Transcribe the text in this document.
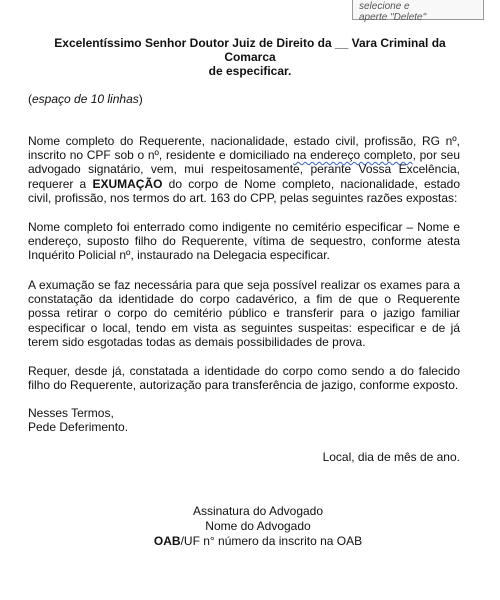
selecione e
aperte "Delete"
Excelentíssimo Senhor Doutor Juiz de Direito da __ Vara Criminal da Comarca
de especificar.
(espaço de 10 linhas)

Nome completo do Requerente, nacionalidade, estado civil, profissão, RG nº, inscrito no CPF sob o nº, residente e domiciliado na endereço completo, por seu advogado signatário, vem, mui respeitosamente, perante Vossa Excelência, requerer a EXUMAÇÃO do corpo de Nome completo, nacionalidade, estado civil, profissão, nos termos do art. 163 do CPP, pelas seguintes razões expostas:

Nome completo foi enterrado como indigente no cemitério especificar – Nome e endereço, suposto filho do Requerente, vítima de sequestro, conforme atesta Inquérito Policial nº, instaurado na Delegacia especificar.

A exumação se faz necessária para que seja possível realizar os exames para a constatação da identidade do corpo cadavérico, a fim de que o Requerente possa retirar o corpo do cemitério público e transferir para o jazigo familiar especificar o local, tendo em vista as seguintes suspeitas: especificar e de já terem sido esgotadas todas as demais possibilidades de prova.

Requer, desde já, constatada a identidade do corpo como sendo a do falecido filho do Requerente, autorização para transferência de jazigo, conforme exposto.

Nesses Termos,
Pede Deferimento.
Local, dia de mês de ano.
Assinatura do Advogado
Nome do Advogado
OAB/UF n° número da inscrito na OAB
